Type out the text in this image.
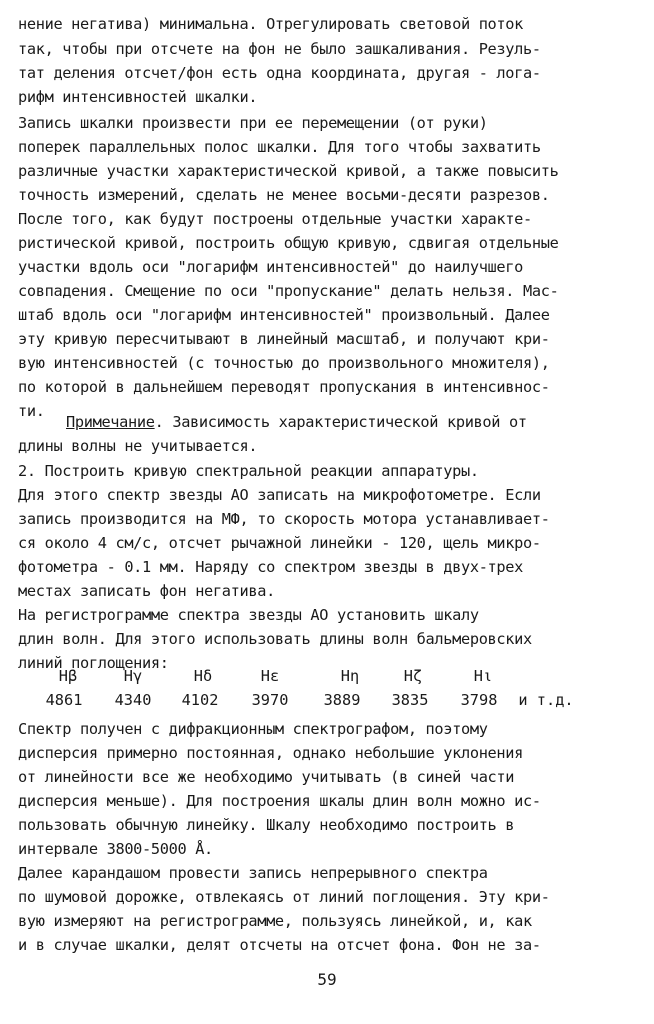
нение негатива) минимальна. Отрегулировать световой поток
так, чтобы при отсчете на фон не было зашкаливания. Резуль-
тат деления отсчет/фон есть одна координата, другая - лога-
рифм интенсивностей шкалки.
Запись шкалки произвести при ее перемещении (от руки)
поперек параллельных полос шкалки. Для того чтобы захватить
различные участки характеристической кривой, а также повысить
точность измерений, сделать не менее восьми-десяти разрезов.
После того, как будут построены отдельные участки характе-
ристической кривой, построить общую кривую, сдвигая отдельные
участки вдоль оси "логарифм интенсивностей" до наилучшего
совпадения. Смещение по оси "пропускание" делать нельзя. Мас-
штаб вдоль оси "логарифм интенсивностей" произвольный. Далее
эту кривую пересчитывают в линейный масштаб, и получают кри-
вую интенсивностей (с точностью до произвольного множителя),
по которой в дальнейшем переводят пропускания в интенсивнос-
ти.
Примечание. Зависимость характеристической кривой от
длины волны не учитывается.
2. Построить кривую спектральной реакции аппаратуры.
Для этого спектр звезды АО записать на микрофотометре. Если
запись производится на МФ, то скорость мотора устанавливает-
ся около 4 см/с, отсчет рычажной линейки - 120, щель микро-
фотометра - 0.1 мм. Наряду со спектром звезды в двух-трех
местах записать фон негатива.
На регистрограмме спектра звезды АО установить шкалу
длин волн. Для этого использовать длины волн бальмеровских
линий поглощения:
Hβ	Hγ	Hδ	Hε	Hη	Hζ	Hι
4861	4340	4102	3970	3889	3835	3798	и т.д.
Спектр получен с дифракционным спектрографом, поэтому
дисперсия примерно постоянная, однако небольшие уклонения
от линейности все же необходимо учитывать (в синей части
дисперсия меньше). Для построения шкалы длин волн можно ис-
пользовать обычную линейку. Шкалу необходимо построить в
интервале 3800-5000 Å.
Далее карандашом провести запись непрерывного спектра
по шумовой дорожке, отвлекаясь от линий поглощения. Эту кри-
вую измеряют на регистрограмме, пользуясь линейкой, и, как
и в случае шкалки, делят отсчеты на отсчет фона. Фон не за-
59
